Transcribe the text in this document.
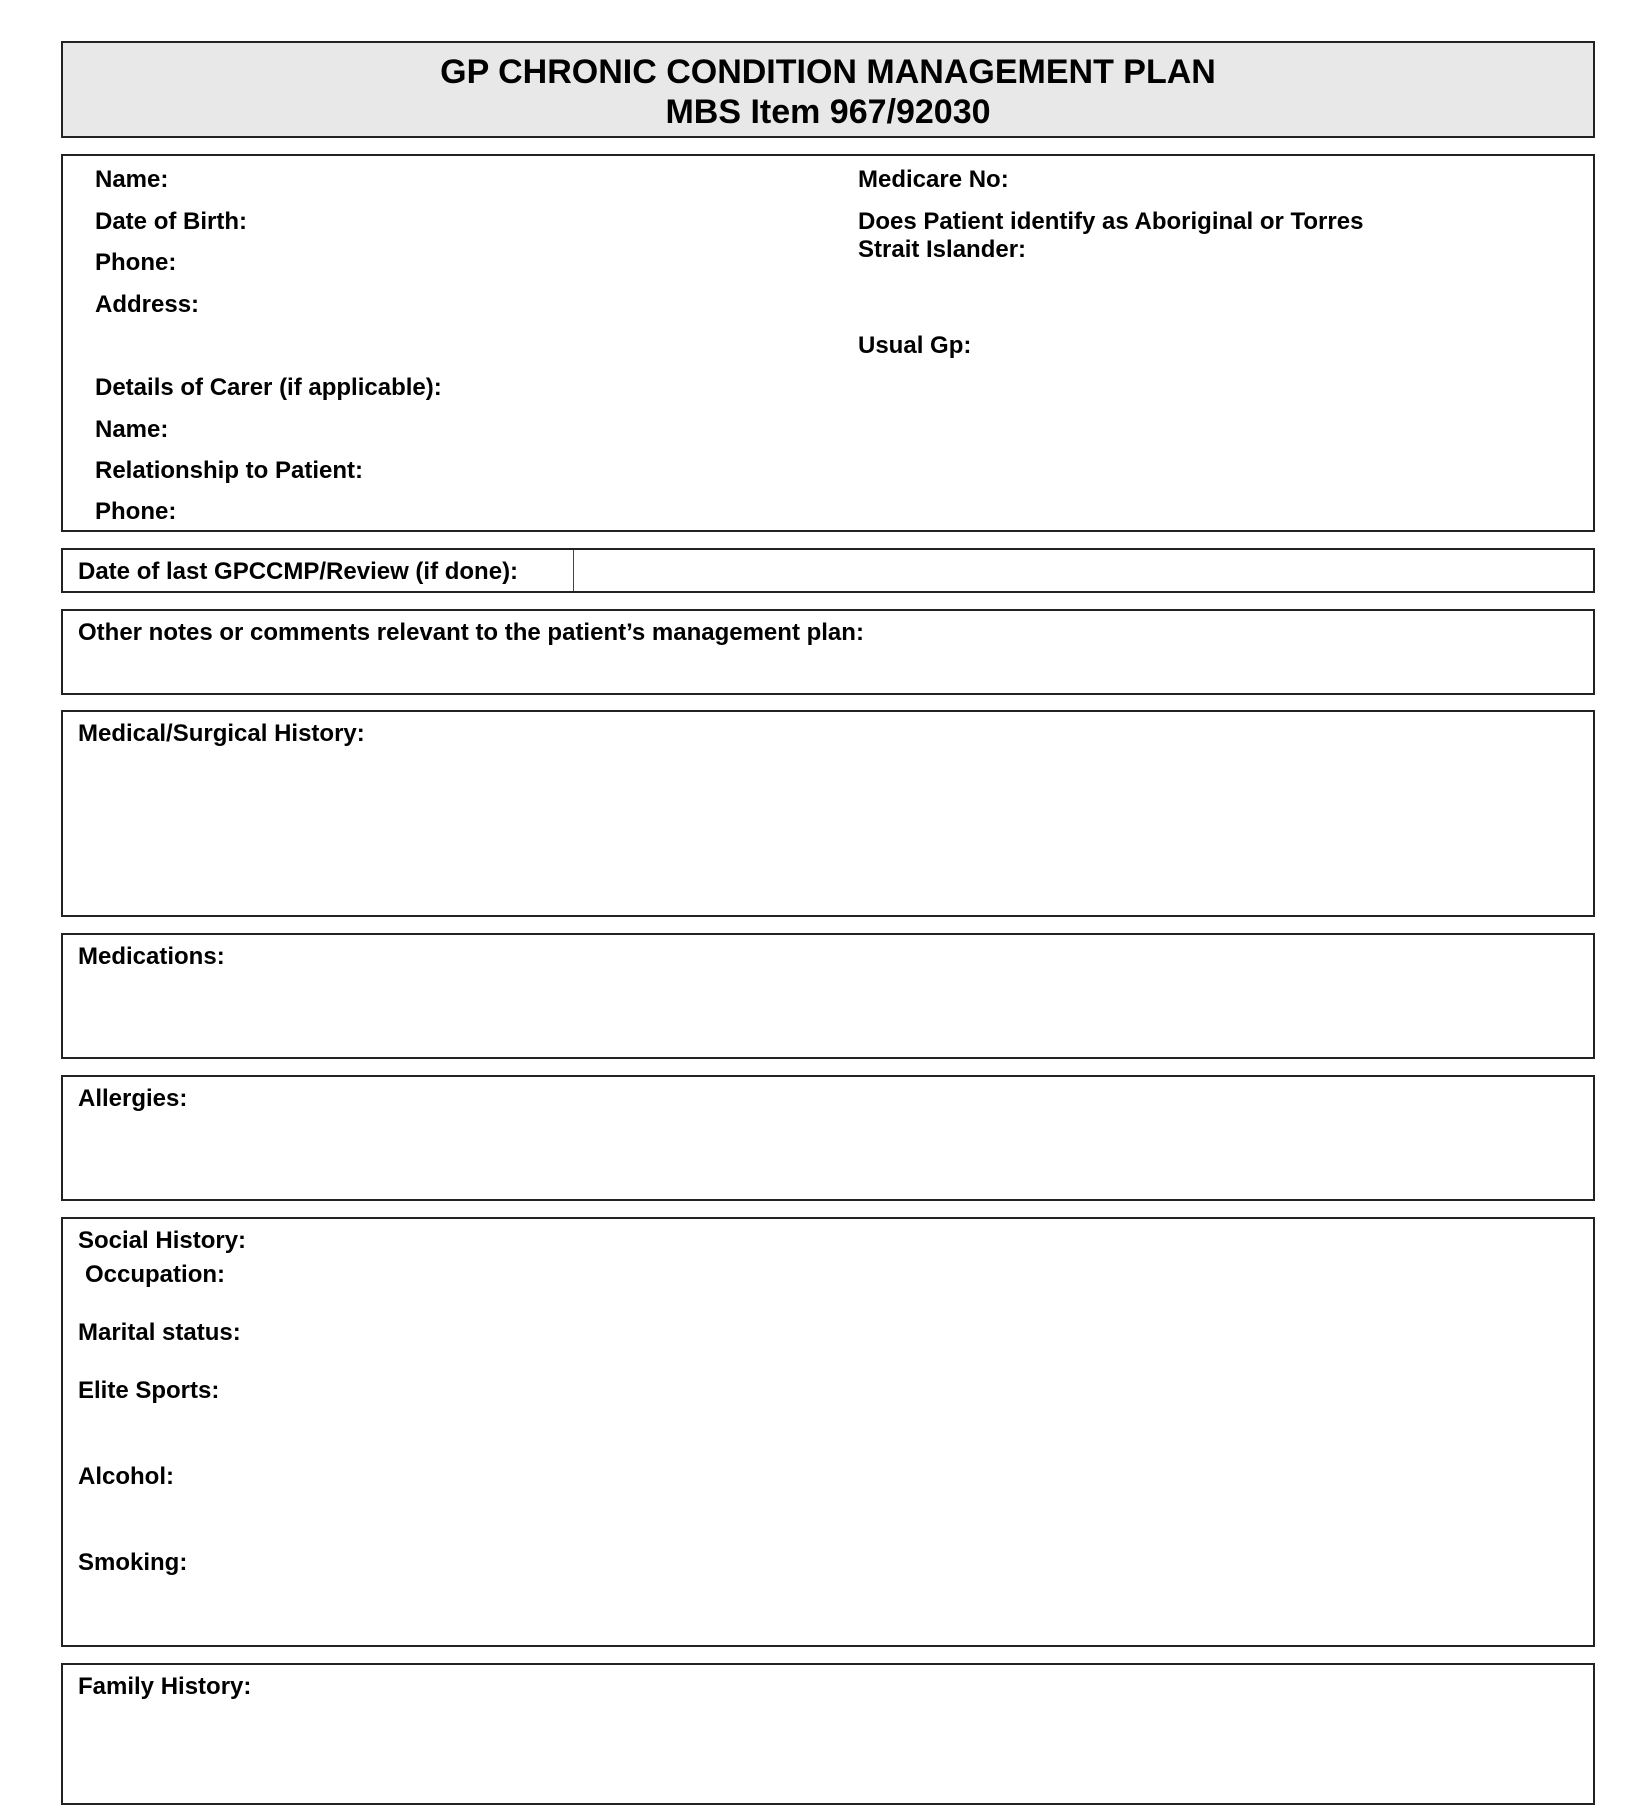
GP CHRONIC CONDITION MANAGEMENT PLAN
MBS Item 967/92030
Name:
Date of Birth:
Phone:
Address:
Details of Carer (if applicable):
Name:
Relationship to Patient:
Phone:
Medicare No:
Does Patient identify as Aboriginal or Torres
Strait Islander:
Usual Gp:
Date of last GPCCMP/Review (if done):
Other notes or comments relevant to the patient’s management plan:
Medical/Surgical History:
Medications:
Allergies:
Social History:
Occupation:
Marital status:
Elite Sports:
Alcohol:
Smoking:
Family History:
